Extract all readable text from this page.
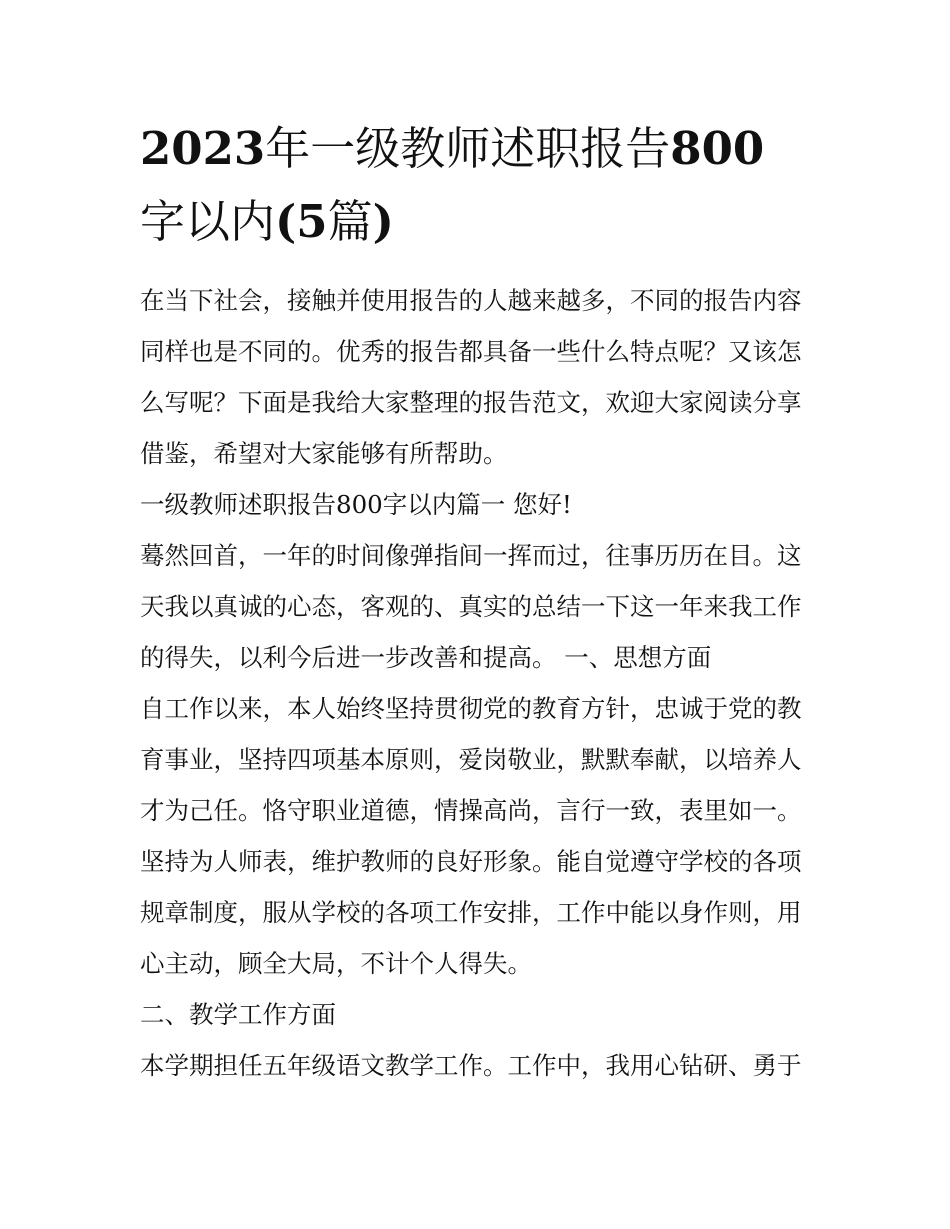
2023年一级教师述职报告800
字以内(5篇)
在当下社会，接触并使用报告的人越来越多，不同的报告内容
同样也是不同的。优秀的报告都具备一些什么特点呢？又该怎
么写呢？下面是我给大家整理的报告范文，欢迎大家阅读分享
借鉴，希望对大家能够有所帮助。
一级教师述职报告800字以内篇一 您好!
蓦然回首，一年的时间像弹指间一挥而过，往事历历在目。这
天我以真诚的心态，客观的、真实的总结一下这一年来我工作
的得失，以利今后进一步改善和提高。 一、思想方面
自工作以来，本人始终坚持贯彻党的教育方针，忠诚于党的教
育事业，坚持四项基本原则，爱岗敬业，默默奉献，以培养人
才为己任。恪守职业道德，情操高尚，言行一致，表里如一。
坚持为人师表，维护教师的良好形象。能自觉遵守学校的各项
规章制度，服从学校的各项工作安排，工作中能以身作则，用
心主动，顾全大局，不计个人得失。
二、教学工作方面
本学期担任五年级语文教学工作。工作中，我用心钻研、勇于
